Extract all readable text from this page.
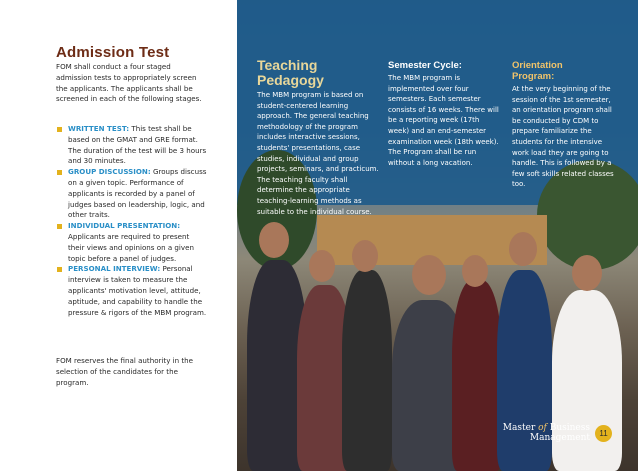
Admission Test

FOM shall conduct a four staged admission tests to appropriately screen the applicants. The applicants shall be screened in each of the following stages.

WRITTEN TEST: This test shall be based on the GMAT and GRE format. The duration of the test will be 3 hours and 30 minutes.
GROUP DISCUSSION: Groups discuss on a given topic. Performance of applicants is recorded by a panel of judges based on leadership, logic, and other traits.
INDIVIDUAL PRESENTATION: Applicants are required to present their views and opinions on a given topic before a panel of judges.
PERSONAL INTERVIEW: Personal interview is taken to measure the applicants' motivation level, attitude, aptitude, and capability to handle the pressure & rigors of the MBM program.

FOM reserves the final authority in the selection of the candidates for the program.

Teaching
Pedagogy

The MBM program is based on student-centered learning approach. The general teaching methodology of the program includes interactive sessions, students' presentations, case studies, individual and group projects, seminars, and practicum. The teaching faculty shall determine the appropriate teaching-learning methods as suitable to the individual course.

Semester Cycle:

The MBM program is implemented over four semesters. Each semester consists of 16 weeks. There will be a reporting week (17th week) and an end-semester examination week (18th week). The Program shall be run without a long vacation.

Orientation
Program:

At the very beginning of the session of the 1st semester, an orientation program shall be conducted by CDM to prepare familiarize the students for the intensive work load they are going to handle. This is followed by a few soft skills related classes too.

Master of Business
Management	11
